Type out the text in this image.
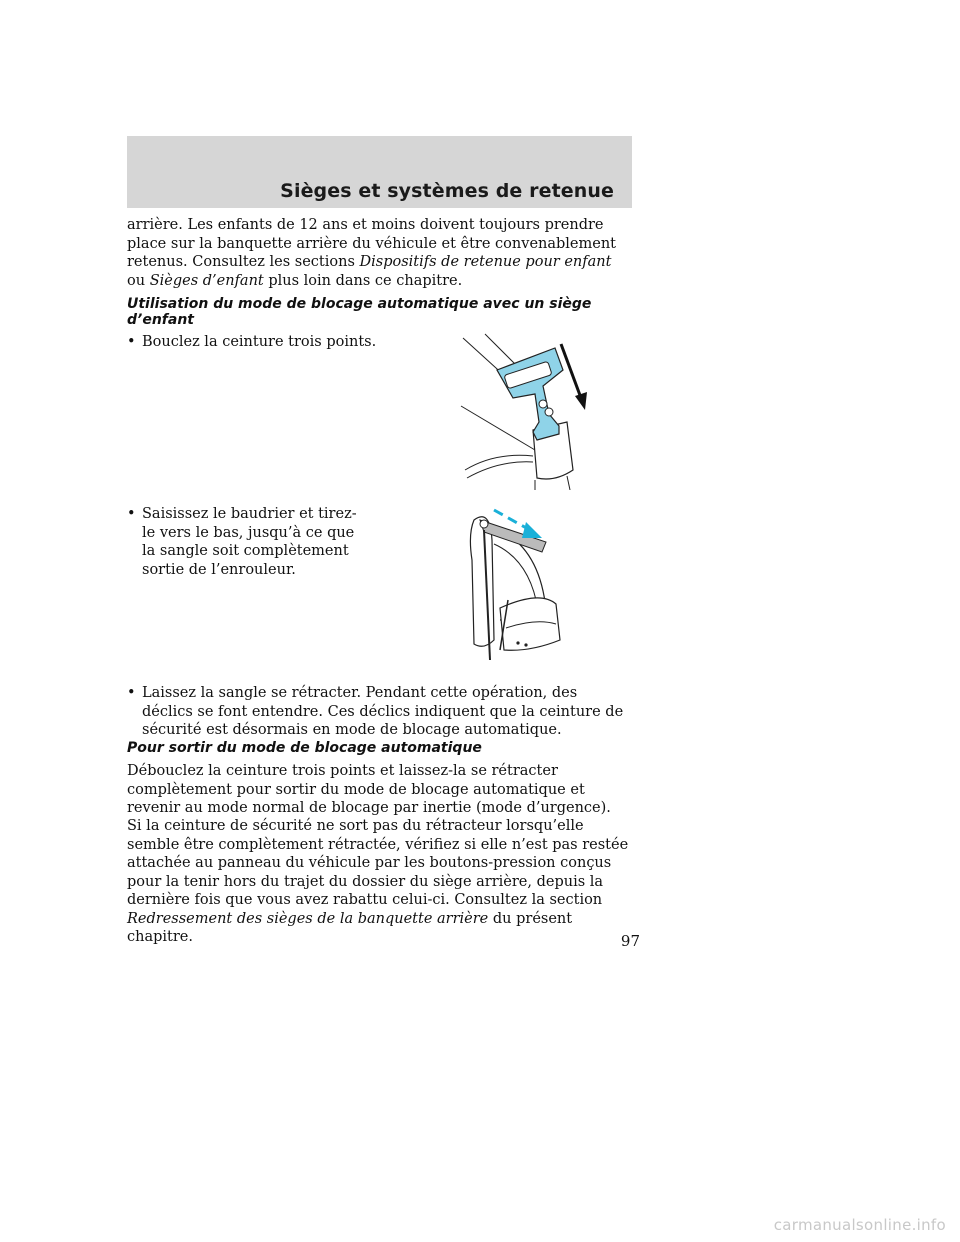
Sièges et systèmes de retenue

arrière. Les enfants de 12 ans et moins doivent toujours prendre place sur la banquette arrière du véhicule et être convenablement retenus. Consultez les sections Dispositifs de retenue pour enfant ou Sièges d’enfant plus loin dans ce chapitre.

Utilisation du mode de blocage automatique avec un siège d’enfant
• Bouclez la ceinture trois points.
• Saisissez le baudrier et tirez-le vers le bas, jusqu’à ce que la sangle soit complètement sortie de l’enrouleur.
• Laissez la sangle se rétracter. Pendant cette opération, des déclics se font entendre. Ces déclics indiquent que la ceinture de sécurité est désormais en mode de blocage automatique.
Pour sortir du mode de blocage automatique

Débouclez la ceinture trois points et laissez-la se rétracter complètement pour sortir du mode de blocage automatique et revenir au mode normal de blocage par inertie (mode d’urgence).

Si la ceinture de sécurité ne sort pas du rétracteur lorsqu’elle semble être complètement rétractée, vérifiez si elle n’est pas restée attachée au panneau du véhicule par les boutons-pression conçus pour la tenir hors du trajet du dossier du siège arrière, depuis la dernière fois que vous avez rabattu celui-ci. Consultez la section Redressement des sièges de la banquette arrière du présent chapitre.	97
carmanualsonline.info
